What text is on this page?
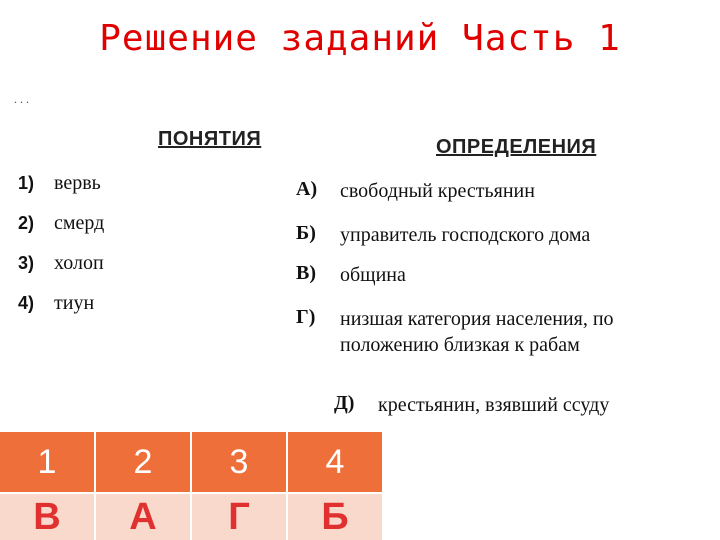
Решение заданий Часть 1
. . .
ПОНЯТИЯ	ОПРЕДЕЛЕНИЯ
1) вервь
2) смерд
3) холоп
4) тиун
А) свободный крестьянин
Б) управитель господского дома
В) община
Г) низшая категория населения, по положению близкая к рабам
Д) крестьянин, взявший ссуду
1	2	3	4
В	А	Г	Б
